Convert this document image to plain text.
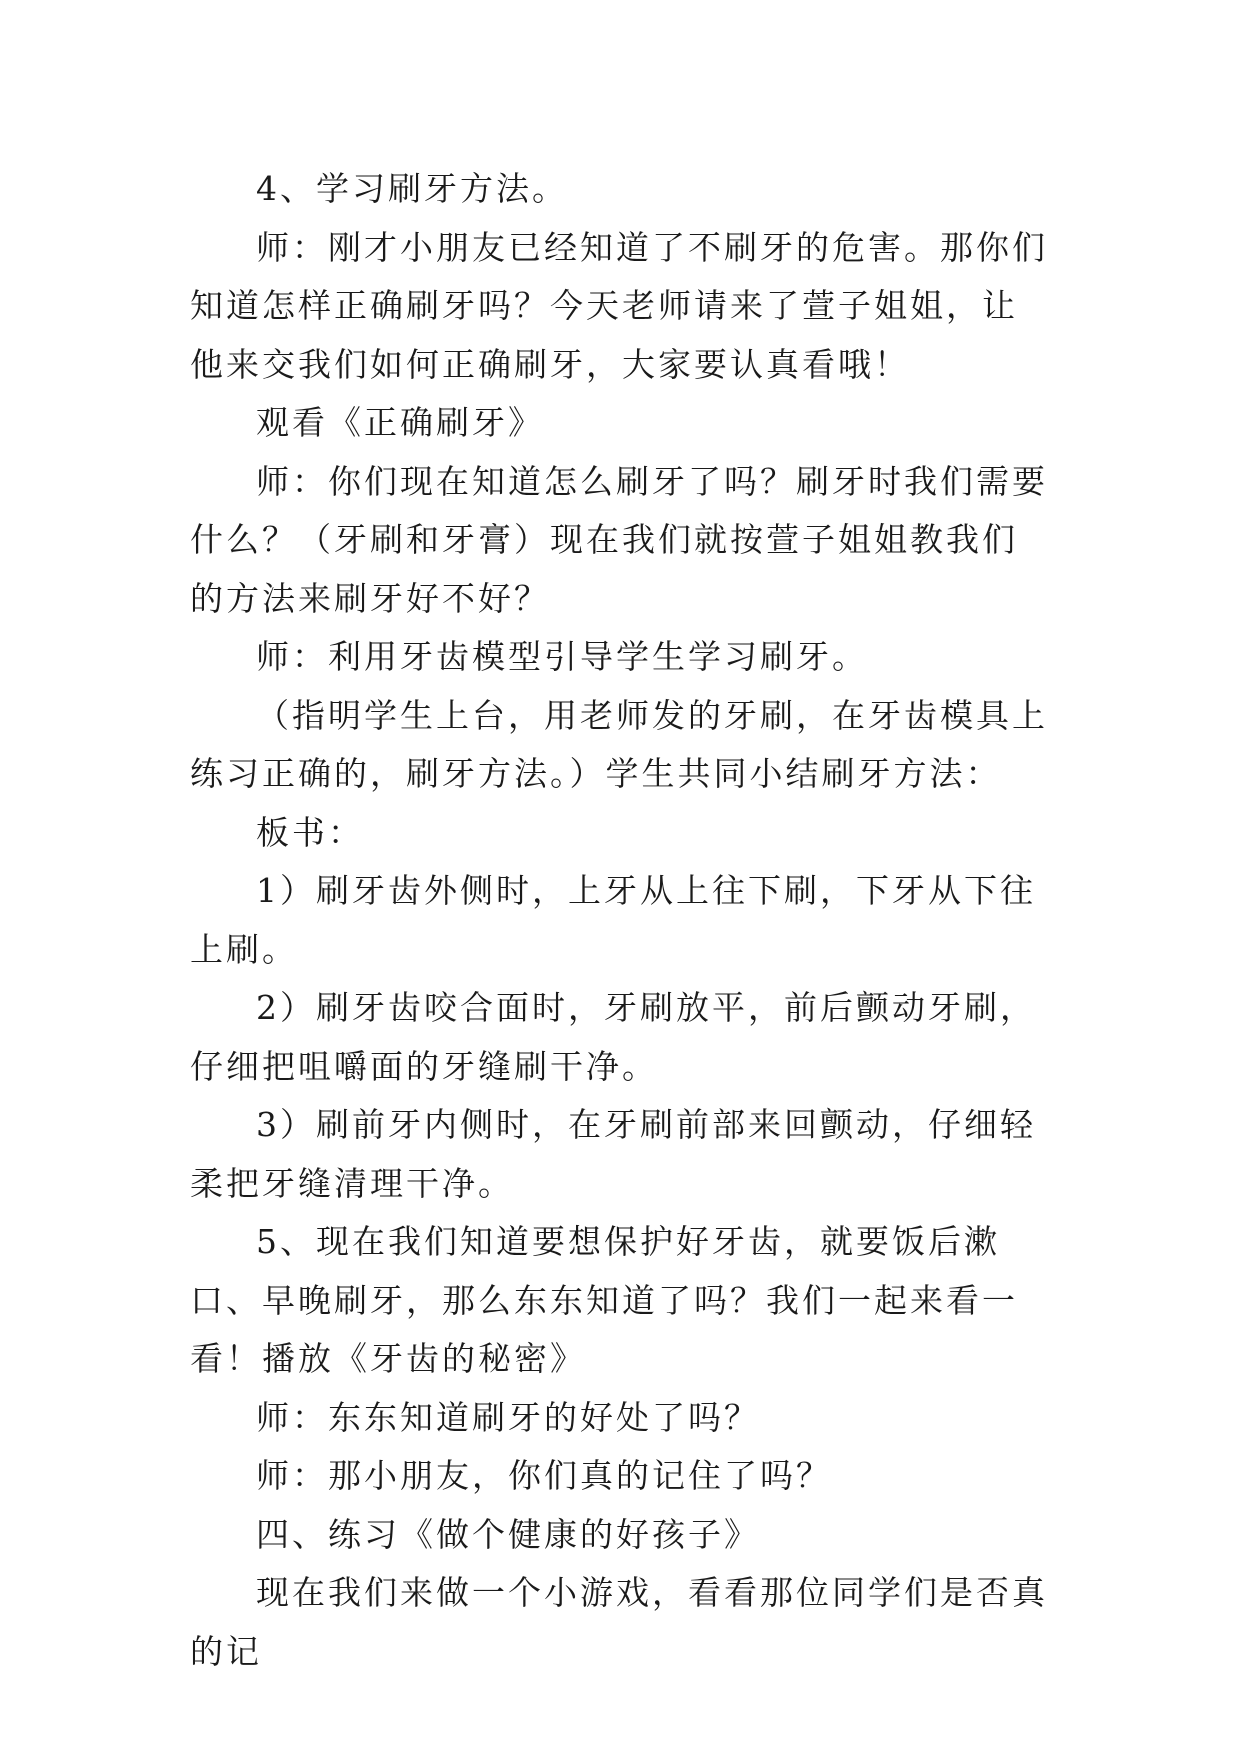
4、学习刷牙方法。

师：刚才小朋友已经知道了不刷牙的危害。那你们知道怎样正确刷牙吗？今天老师请来了萱子姐姐，让他来交我们如何正确刷牙，大家要认真看哦！

观看《正确刷牙》

师：你们现在知道怎么刷牙了吗？刷牙时我们需要什么？（牙刷和牙膏）现在我们就按萱子姐姐教我们的方法来刷牙好不好？

师：利用牙齿模型引导学生学习刷牙。

（指明学生上台，用老师发的牙刷，在牙齿模具上练习正确的，刷牙方法。）学生共同小结刷牙方法：

板书：

1）刷牙齿外侧时，上牙从上往下刷，下牙从下往上刷。

2）刷牙齿咬合面时，牙刷放平，前后颤动牙刷，仔细把咀嚼面的牙缝刷干净。

3）刷前牙内侧时，在牙刷前部来回颤动，仔细轻柔把牙缝清理干净。

5、现在我们知道要想保护好牙齿，就要饭后漱口、早晚刷牙，那么东东知道了吗？我们一起来看一看！播放《牙齿的秘密》

师：东东知道刷牙的好处了吗？

师：那小朋友，你们真的记住了吗？

四、练习《做个健康的好孩子》

现在我们来做一个小游戏，看看那位同学们是否真的记
